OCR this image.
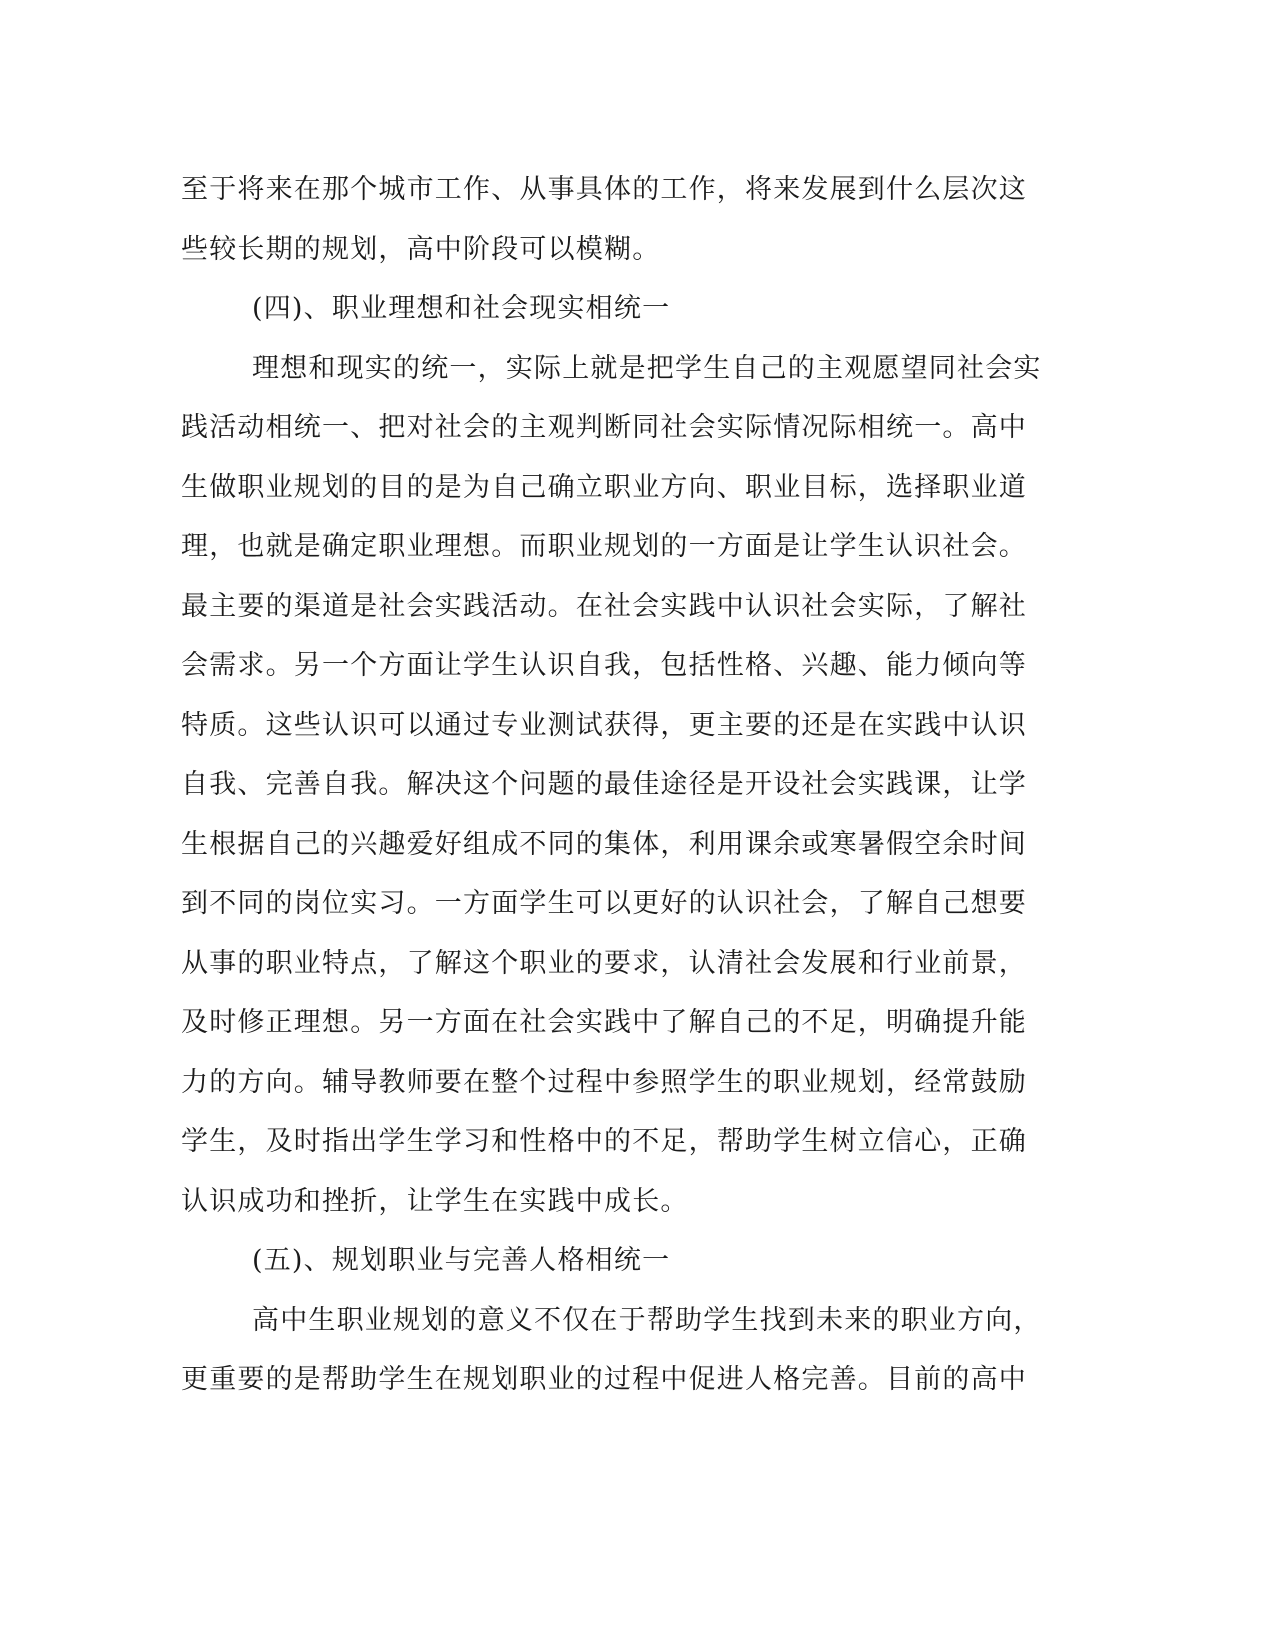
至于将来在那个城市工作、从事具体的工作，将来发展到什么层次这
些较长期的规划，高中阶段可以模糊。
(四)、职业理想和社会现实相统一
理想和现实的统一，实际上就是把学生自己的主观愿望同社会实
践活动相统一、把对社会的主观判断同社会实际情况际相统一。高中
生做职业规划的目的是为自己确立职业方向、职业目标，选择职业道
理，也就是确定职业理想。而职业规划的一方面是让学生认识社会。
最主要的渠道是社会实践活动。在社会实践中认识社会实际，了解社
会需求。另一个方面让学生认识自我，包括性格、兴趣、能力倾向等
特质。这些认识可以通过专业测试获得，更主要的还是在实践中认识
自我、完善自我。解决这个问题的最佳途径是开设社会实践课，让学
生根据自己的兴趣爱好组成不同的集体，利用课余或寒暑假空余时间
到不同的岗位实习。一方面学生可以更好的认识社会，了解自己想要
从事的职业特点，了解这个职业的要求，认清社会发展和行业前景，
及时修正理想。另一方面在社会实践中了解自己的不足，明确提升能
力的方向。辅导教师要在整个过程中参照学生的职业规划，经常鼓励
学生，及时指出学生学习和性格中的不足，帮助学生树立信心，正确
认识成功和挫折，让学生在实践中成长。
(五)、规划职业与完善人格相统一
高中生职业规划的意义不仅在于帮助学生找到未来的职业方向，
更重要的是帮助学生在规划职业的过程中促进人格完善。目前的高中
